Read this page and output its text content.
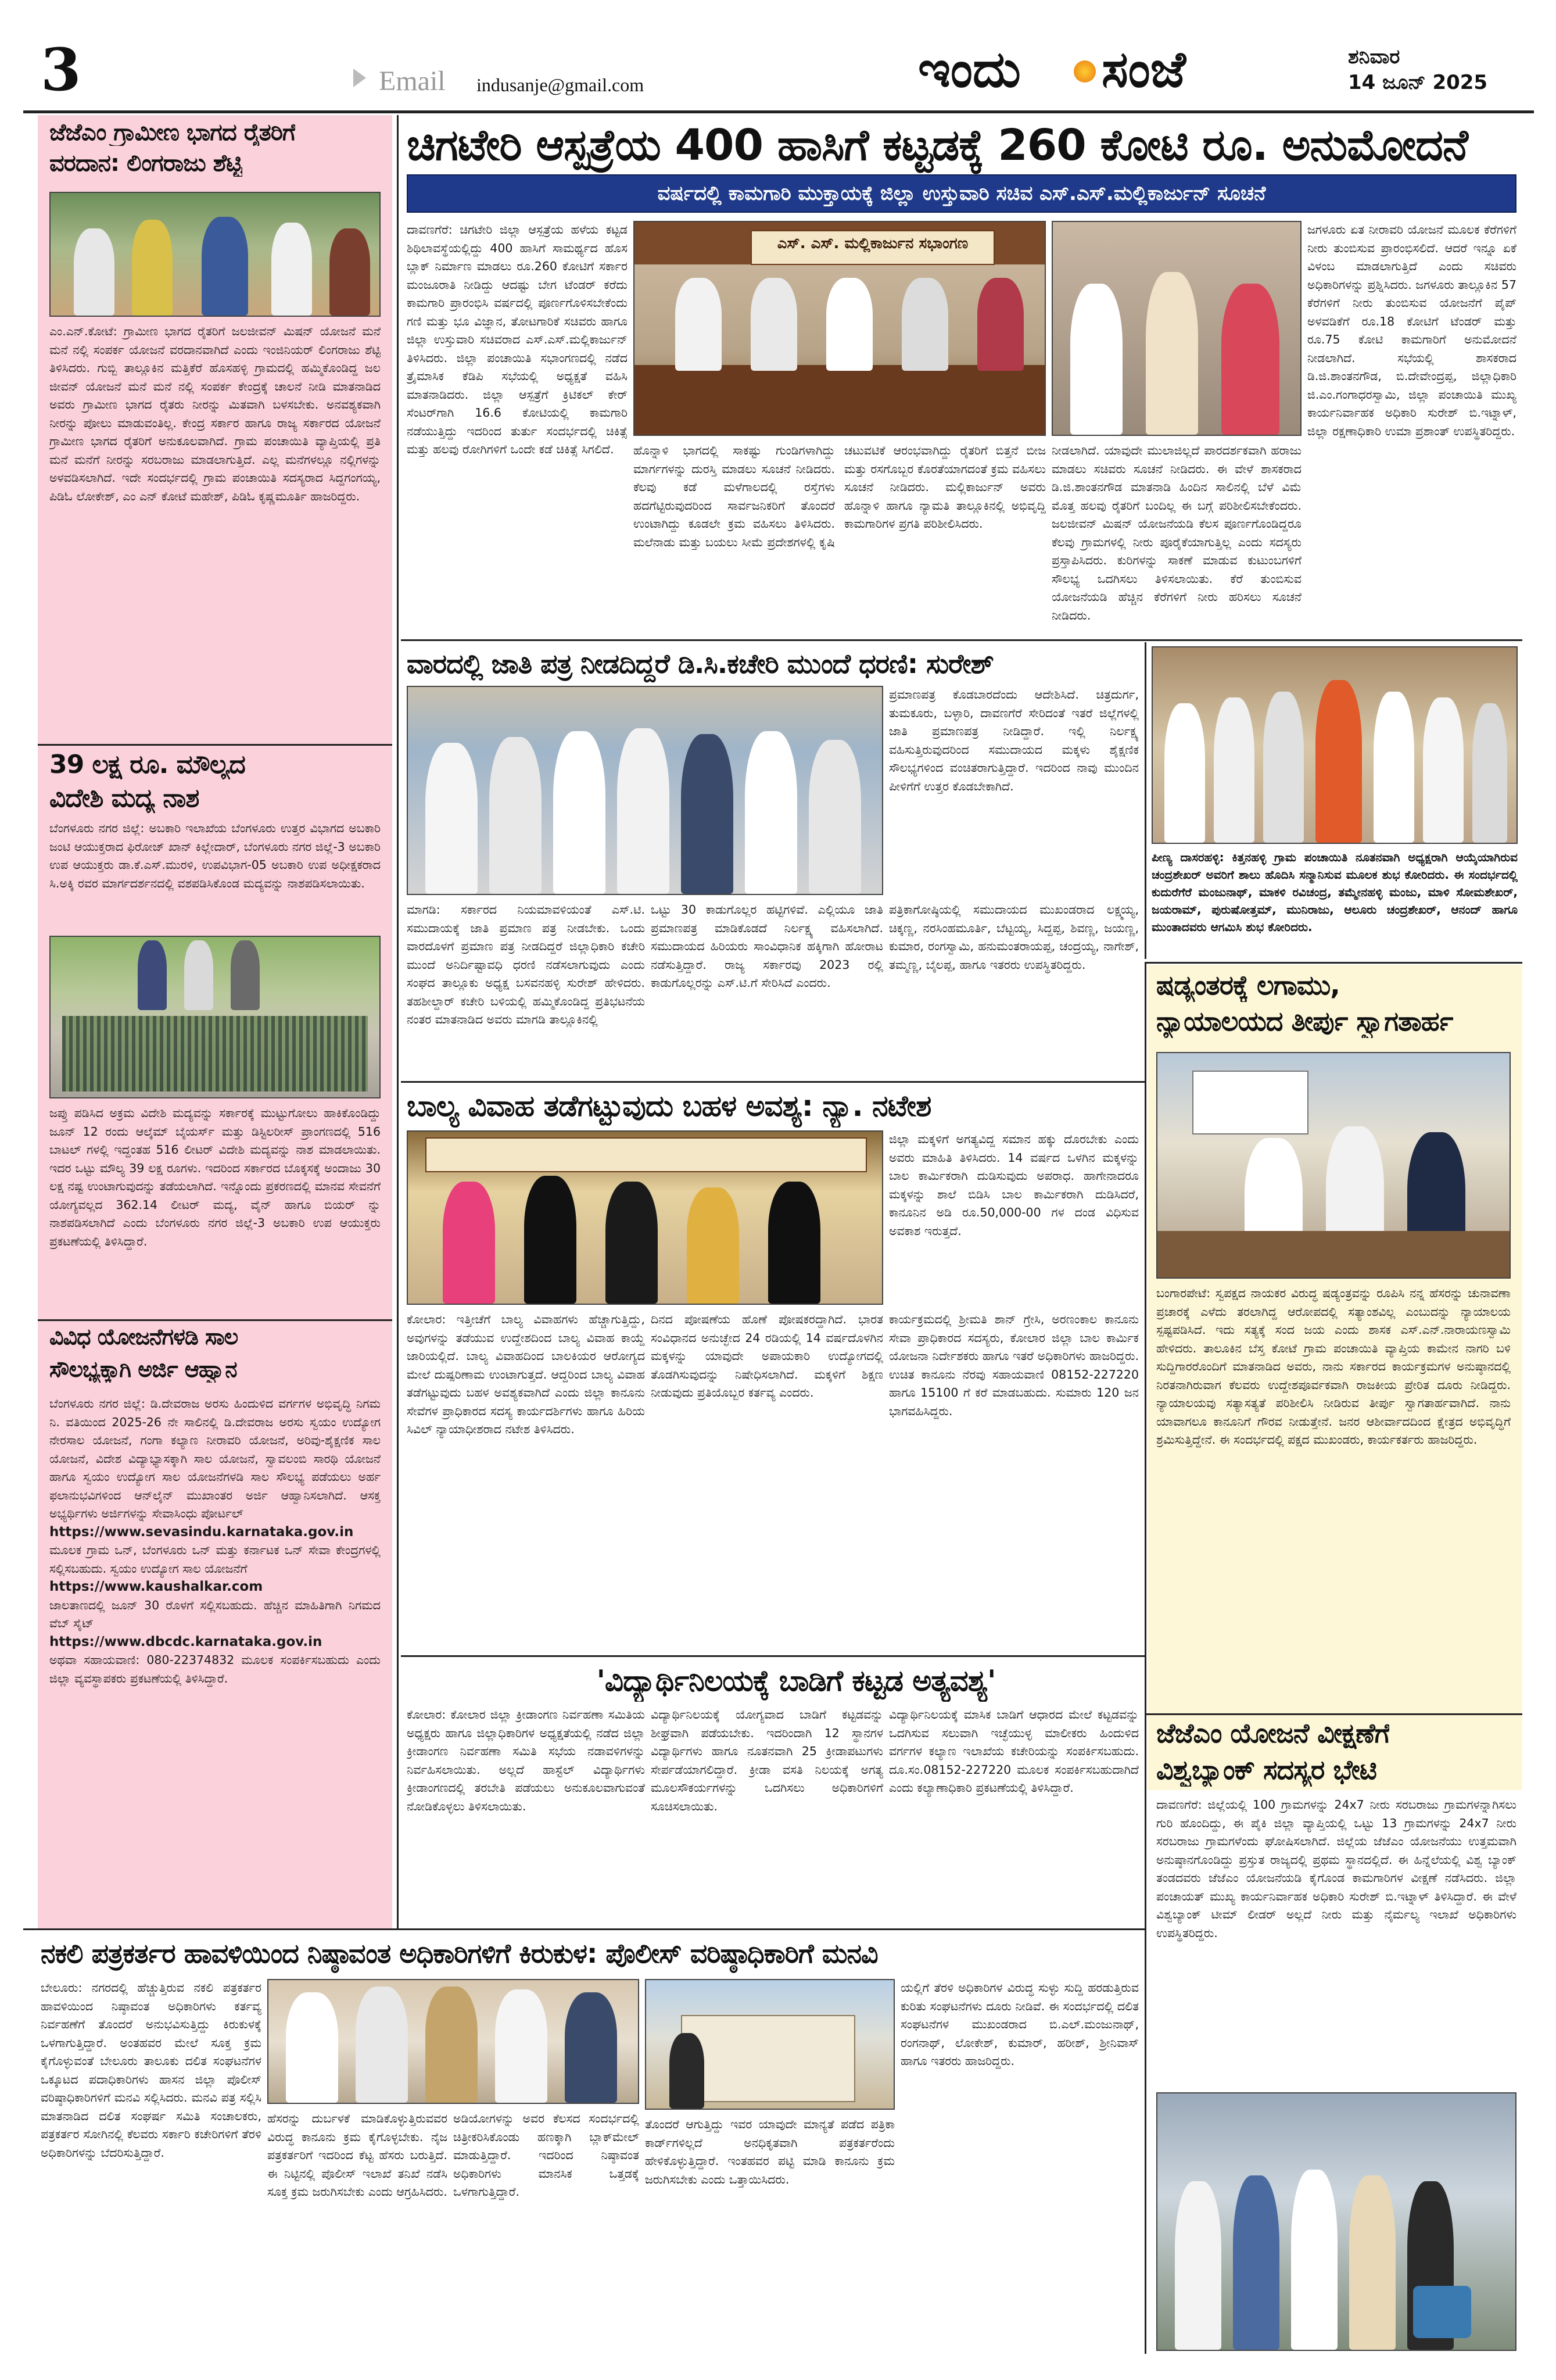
3	Email indusanje@gmail.com	ಇಂದು ಸಂಜೆ	ಶನಿವಾರ
14 ಜೂನ್ 2025
ಜೆಜೆಎಂ ಗ್ರಾಮೀಣ ಭಾಗದ ರೈತರಿಗೆ
ವರದಾನ: ಲಿಂಗರಾಜು ಶೆಟ್ಟಿ
ಎಂ.ಎನ್.ಕೋಟೆ: ಗ್ರಾಮೀಣ ಭಾಗದ ರೈತರಿಗೆ ಜಲಜೀವನ್ ಮಿಷನ್ ಯೋಜನೆ ಮನೆ ಮನೆ ನಲ್ಲಿ ಸಂಪರ್ಕ ಯೋಜನೆ ವರದಾನವಾಗಿದೆ ಎಂದು ಇಂಜಿನಿಯರ್ ಲಿಂಗರಾಜು ಶೆಟ್ಟಿ ತಿಳಿಸಿದರು. ಗುಬ್ಬಿ ತಾಲ್ಲೂಕಿನ ಮತ್ತಿಕೆರೆ ಹೊಸಹಳ್ಳಿ ಗ್ರಾಮದಲ್ಲಿ ಹಮ್ಮಿಕೊಂಡಿದ್ದ ಜಲ ಜೀವನ್ ಯೋಜನೆ ಮನೆ ಮನೆ ನಲ್ಲಿ ಸಂಪರ್ಕ ಕೇಂದ್ರಕ್ಕೆ ಚಾಲನೆ ನೀಡಿ ಮಾತನಾಡಿದ ಅವರು ಗ್ರಾಮೀಣ ಭಾಗದ ರೈತರು ನೀರನ್ನು ಮಿತವಾಗಿ ಬಳಸಬೇಕು. ಅನವಶ್ಯಕವಾಗಿ ನೀರನ್ನು ಪೋಲು ಮಾಡುವಂತಿಲ್ಲ. ಕೇಂದ್ರ ಸರ್ಕಾರ ಹಾಗೂ ರಾಜ್ಯ ಸರ್ಕಾರದ ಯೋಜನೆ ಗ್ರಾಮೀಣ ಭಾಗದ ರೈತರಿಗೆ ಅನುಕೂಲವಾಗಿದೆ. ಗ್ರಾಮ ಪಂಚಾಯಿತಿ ವ್ಯಾಪ್ತಿಯಲ್ಲಿ ಪ್ರತಿ ಮನೆ ಮನೆಗೆ ನೀರನ್ನು ಸರಬರಾಜು ಮಾಡಲಾಗುತ್ತಿದೆ. ಎಲ್ಲ ಮನೆಗಳಲ್ಲೂ ನಲ್ಲಿಗಳನ್ನು ಅಳವಡಿಸಲಾಗಿದೆ. ಇದೇ ಸಂದರ್ಭದಲ್ಲಿ ಗ್ರಾಮ ಪಂಚಾಯಿತಿ ಸದಸ್ಯರಾದ ಸಿದ್ದಗಂಗಯ್ಯ, ಪಿಡಿಓ ಲೋಕೇಶ್, ಎಂ ಎನ್ ಕೋಟೆ ಮಹೇಶ್, ಪಿಡಿಓ ಕೃಷ್ಣಮೂರ್ತಿ ಹಾಜರಿದ್ದರು.
39 ಲಕ್ಷ ರೂ. ಮೌಲ್ಯದ
ವಿದೇಶಿ ಮದ್ಯ ನಾಶ
ಬೆಂಗಳೂರು ನಗರ ಜಿಲ್ಲೆ: ಅಬಕಾರಿ ಇಲಾಖೆಯ ಬೆಂಗಳೂರು ಉತ್ತರ ವಿಭಾಗದ ಅಬಕಾರಿ ಜಂಟಿ ಆಯುಕ್ತರಾದ ಫಿರೋಜ್ ಖಾನ್ ಕಿಲ್ಲೇದಾರ್, ಬೆಂಗಳೂರು ನಗರ ಜಿಲ್ಲೆ-3 ಅಬಕಾರಿ ಉಪ ಆಯುಕ್ತರು ಡಾ.ಕೆ.ಎಸ್.ಮುರಳಿ, ಉಪವಿಭಾಗ-05 ಅಬಕಾರಿ ಉಪ ಅಧೀಕ್ಷಕರಾದ ಸಿ.ಅಕ್ಕಿ ರವರ ಮಾರ್ಗದರ್ಶನದಲ್ಲಿ ವಶಪಡಿಸಿಕೊಂಡ ಮದ್ಯವನ್ನು ನಾಶಪಡಿಸಲಾಯಿತು.
ಜಪ್ತು ಪಡಿಸಿದ ಅಕ್ರಮ ವಿದೇಶಿ ಮದ್ಯವನ್ನು ಸರ್ಕಾರಕ್ಕೆ ಮುಟ್ಟುಗೋಲು ಹಾಕಿಕೊಂಡಿದ್ದು ಜೂನ್ 12 ರಂದು ಆಲ್ಕೆಮ್ ಬೈಯರ್ಸ್ ಮತ್ತು ಡಿಸ್ಟಿಲರೀಸ್ ಪ್ರಾಂಗಣದಲ್ಲಿ 516 ಬಾಟಲ್ ಗಳಲ್ಲಿ ಇದ್ದಂತಹ 516 ಲೀಟರ್ ವಿದೇಶಿ ಮದ್ಯವನ್ನು ನಾಶ ಮಾಡಲಾಯಿತು. ಇದರ ಒಟ್ಟು ಮೌಲ್ಯ 39 ಲಕ್ಷ ರೂಗಳು. ಇದರಿಂದ ಸರ್ಕಾರದ ಬೊಕ್ಕಸಕ್ಕೆ ಅಂದಾಜು 30 ಲಕ್ಷ ನಷ್ಟ ಉಂಟಾಗುವುದನ್ನು ತಡೆಯಲಾಗಿದೆ. ಇನ್ನೊಂದು ಪ್ರಕರಣದಲ್ಲಿ ಮಾನವ ಸೇವನೆಗೆ ಯೋಗ್ಯವಲ್ಲದ 362.14 ಲೀಟರ್ ಮದ್ಯ, ವೈನ್ ಹಾಗೂ ಬಿಯರ್ ನ್ನು ನಾಶಪಡಿಸಲಾಗಿದೆ ಎಂದು ಬೆಂಗಳೂರು ನಗರ ಜಿಲ್ಲೆ-3 ಅಬಕಾರಿ ಉಪ ಆಯುಕ್ತರು ಪ್ರಕಟಣೆಯಲ್ಲಿ ತಿಳಿಸಿದ್ದಾರೆ.
ವಿವಿಧ ಯೋಜನೆಗಳಡಿ ಸಾಲ
ಸೌಲಭ್ಯಕ್ಕಾಗಿ ಅರ್ಜಿ ಆಹ್ವಾನ
ಬೆಂಗಳೂರು ನಗರ ಜಿಲ್ಲೆ: ಡಿ.ದೇವರಾಜ ಅರಸು ಹಿಂದುಳಿದ ವರ್ಗಗಳ ಅಭಿವೃದ್ಧಿ ನಿಗಮ ನಿ. ವತಿಯಿಂದ 2025-26 ನೇ ಸಾಲಿನಲ್ಲಿ ಡಿ.ದೇವರಾಜ ಅರಸು ಸ್ವಯಂ ಉದ್ಯೋಗ ನೇರಸಾಲ ಯೋಜನೆ, ಗಂಗಾ ಕಲ್ಯಾಣ ನೀರಾವರಿ ಯೋಜನೆ, ಅರಿವು-ಶೈಕ್ಷಣಿಕ ಸಾಲ ಯೋಜನೆ, ವಿದೇಶ ವಿದ್ಯಾಭ್ಯಾಸಕ್ಕಾಗಿ ಸಾಲ ಯೋಜನೆ, ಸ್ವಾವಲಂಬಿ ಸಾರಥಿ ಯೋಜನೆ ಹಾಗೂ ಸ್ವಯಂ ಉದ್ಯೋಗ ಸಾಲ ಯೋಜನೆಗಳಡಿ ಸಾಲ ಸೌಲಭ್ಯ ಪಡೆಯಲು ಅರ್ಹ ಫಲಾನುಭವಿಗಳಿಂದ ಆನ್‌ಲೈನ್ ಮುಖಾಂತರ ಅರ್ಜಿ ಆಹ್ವಾನಿಸಲಾಗಿದೆ. ಆಸಕ್ತ ಅಭ್ಯರ್ಥಿಗಳು ಅರ್ಜಿಗಳನ್ನು ಸೇವಾಸಿಂಧು ಪೋರ್ಟಲ್
https://www.sevasindu.karnataka.gov.in
ಮೂಲಕ ಗ್ರಾಮ ಒನ್, ಬೆಂಗಳೂರು ಒನ್ ಮತ್ತು ಕರ್ನಾಟಕ ಒನ್ ಸೇವಾ ಕೇಂದ್ರಗಳಲ್ಲಿ ಸಲ್ಲಿಸಬಹುದು. ಸ್ವಯಂ ಉದ್ಯೋಗ ಸಾಲ ಯೋಜನೆಗೆ
https://www.kaushalkar.com
ಜಾಲತಾಣದಲ್ಲಿ ಜೂನ್ 30 ರೊಳಗೆ ಸಲ್ಲಿಸಬಹುದು. ಹೆಚ್ಚಿನ ಮಾಹಿತಿಗಾಗಿ ನಿಗಮದ ವೆಬ್ ಸೈಟ್
https://www.dbcdc.karnataka.gov.in
ಅಥವಾ ಸಹಾಯವಾಣಿ: 080-22374832 ಮೂಲಕ ಸಂಪರ್ಕಿಸಬಹುದು ಎಂದು ಜಿಲ್ಲಾ ವ್ಯವಸ್ಥಾಪಕರು ಪ್ರಕಟಣೆಯಲ್ಲಿ ತಿಳಿಸಿದ್ದಾರೆ.
ಚಿಗಟೇರಿ ಆಸ್ಪತ್ರೆಯ 400 ಹಾಸಿಗೆ ಕಟ್ಟಡಕ್ಕೆ 260 ಕೋಟಿ ರೂ. ಅನುಮೋದನೆ
ವರ್ಷದಲ್ಲಿ ಕಾಮಗಾರಿ ಮುಕ್ತಾಯಕ್ಕೆ ಜಿಲ್ಲಾ ಉಸ್ತುವಾರಿ ಸಚಿವ ಎಸ್.ಎಸ್.ಮಲ್ಲಿಕಾರ್ಜುನ್ ಸೂಚನೆ
ದಾವಣಗೆರೆ: ಚಿಗಟೇರಿ ಜಿಲ್ಲಾ ಆಸ್ಪತ್ರೆಯ ಹಳೆಯ ಕಟ್ಟಡ ಶಿಥಿಲಾವಸ್ಥೆಯಲ್ಲಿದ್ದು 400 ಹಾಸಿಗೆ ಸಾಮರ್ಥ್ಯದ ಹೊಸ ಬ್ಲಾಕ್ ನಿರ್ಮಾಣ ಮಾಡಲು ರೂ.260 ಕೋಟಿಗೆ ಸರ್ಕಾರ ಮಂಜೂರಾತಿ ನೀಡಿದ್ದು ಆದಷ್ಟು ಬೇಗ ಟೆಂಡರ್ ಕರೆದು ಕಾಮಗಾರಿ ಪ್ರಾರಂಭಿಸಿ ವರ್ಷದಲ್ಲಿ ಪೂರ್ಣಗೊಳಿಸಬೇಕೆಂದು ಗಣಿ ಮತ್ತು ಭೂ ವಿಜ್ಞಾನ, ತೋಟಗಾರಿಕೆ ಸಚಿವರು ಹಾಗೂ ಜಿಲ್ಲಾ ಉಸ್ತುವಾರಿ ಸಚಿವರಾದ ಎಸ್.ಎಸ್.ಮಲ್ಲಿಕಾರ್ಜುನ್ ತಿಳಿಸಿದರು. ಜಿಲ್ಲಾ ಪಂಚಾಯಿತಿ ಸಭಾಂಗಣದಲ್ಲಿ ನಡೆದ ತ್ರೈಮಾಸಿಕ ಕೆಡಿಪಿ ಸಭೆಯಲ್ಲಿ ಅಧ್ಯಕ್ಷತೆ ವಹಿಸಿ ಮಾತನಾಡಿದರು. ಜಿಲ್ಲಾ ಆಸ್ಪತ್ರೆಗೆ ಕ್ರಿಟಿಕಲ್ ಕೇರ್ ಸೆಂಟರ್‌ಗಾಗಿ 16.6 ಕೋಟಿಯಲ್ಲಿ ಕಾಮಗಾರಿ ನಡೆಯುತ್ತಿದ್ದು ಇದರಿಂದ ತುರ್ತು ಸಂದರ್ಭದಲ್ಲಿ ಚಿಕಿತ್ಸೆ ಮತ್ತು ಹಲವು ರೋಗಿಗಳಿಗೆ ಒಂದೇ ಕಡೆ ಚಿಕಿತ್ಸೆ ಸಿಗಲಿದೆ.
ಎಸ್. ಎಸ್. ಮಲ್ಲಿಕಾರ್ಜುನ ಸಭಾಂಗಣ
ಹೊನ್ನಾಳಿ ಭಾಗದಲ್ಲಿ ಸಾಕಷ್ಟು ಗುಂಡಿಗಳಾಗಿದ್ದು ಮಾರ್ಗಗಳನ್ನು ದುರಸ್ತಿ ಮಾಡಲು ಸೂಚನೆ ನೀಡಿದರು. ಕೆಲವು ಕಡೆ ಮಳೆಗಾಲದಲ್ಲಿ ರಸ್ತೆಗಳು ಹದಗೆಟ್ಟಿರುವುದರಿಂದ ಸಾರ್ವಜನಿಕರಿಗೆ ತೊಂದರೆ ಉಂಟಾಗಿದ್ದು ಕೂಡಲೇ ಕ್ರಮ ವಹಿಸಲು ತಿಳಿಸಿದರು. ಮಲೆನಾಡು ಮತ್ತು ಬಯಲು ಸೀಮೆ ಪ್ರದೇಶಗಳಲ್ಲಿ ಕೃಷಿ ಚಟುವಟಿಕೆ ಆರಂಭವಾಗಿದ್ದು ರೈತರಿಗೆ ಬಿತ್ತನೆ ಬೀಜ ಮತ್ತು ರಸಗೊಬ್ಬರ ಕೊರತೆಯಾಗದಂತೆ ಕ್ರಮ ವಹಿಸಲು ಸೂಚನೆ ನೀಡಿದರು. ಮಲ್ಲಿಕಾರ್ಜುನ್ ಅವರು ಹೊನ್ನಾಳಿ ಹಾಗೂ ನ್ಯಾಮತಿ ತಾಲ್ಲೂಕಿನಲ್ಲಿ ಅಭಿವೃದ್ದಿ ಕಾಮಗಾರಿಗಳ ಪ್ರಗತಿ ಪರಿಶೀಲಿಸಿದರು.
ನೀಡಲಾಗಿದೆ. ಯಾವುದೇ ಮುಲಾಜಿಲ್ಲದೆ ಪಾರದರ್ಶಕವಾಗಿ ಹರಾಜು ಮಾಡಲು ಸಚಿವರು ಸೂಚನೆ ನೀಡಿದರು. ಈ ವೇಳೆ ಶಾಸಕರಾದ ಡಿ.ಜಿ.ಶಾಂತನಗೌಡ ಮಾತನಾಡಿ ಹಿಂದಿನ ಸಾಲಿನಲ್ಲಿ ಬೆಳೆ ವಿಮೆ ಮೊತ್ತ ಹಲವು ರೈತರಿಗೆ ಬಂದಿಲ್ಲ ಈ ಬಗ್ಗೆ ಪರಿಶೀಲಿಸಬೇಕೆಂದರು. ಜಲಜೀವನ್ ಮಿಷನ್ ಯೋಜನೆಯಡಿ ಕೆಲಸ ಪೂರ್ಣಗೊಂಡಿದ್ದರೂ ಕೆಲವು ಗ್ರಾಮಗಳಲ್ಲಿ ನೀರು ಪೂರೈಕೆಯಾಗುತ್ತಿಲ್ಲ ಎಂದು ಸದಸ್ಯರು ಪ್ರಸ್ತಾಪಿಸಿದರು. ಕುರಿಗಳನ್ನು ಸಾಕಣೆ ಮಾಡುವ ಕುಟುಂಬಗಳಿಗೆ ಸೌಲಭ್ಯ ಒದಗಿಸಲು ತಿಳಿಸಲಾಯಿತು. ಕೆರೆ ತುಂಬಿಸುವ ಯೋಜನೆಯಡಿ ಹೆಚ್ಚಿನ ಕೆರೆಗಳಿಗೆ ನೀರು ಹರಿಸಲು ಸೂಚನೆ ನೀಡಿದರು.
ಜಗಳೂರು ಏತ ನೀರಾವರಿ ಯೋಜನೆ ಮೂಲಕ ಕೆರೆಗಳಿಗೆ ನೀರು ತುಂಬಿಸುವ ಪ್ರಾರಂಭಿಸಲಿದೆ. ಆದರೆ ಇನ್ನೂ ಏಕೆ ವಿಳಂಬ ಮಾಡಲಾಗುತ್ತಿದೆ ಎಂದು ಸಚಿವರು ಅಧಿಕಾರಿಗಳನ್ನು ಪ್ರಶ್ನಿಸಿದರು. ಜಗಳೂರು ತಾಲ್ಲೂಕಿನ 57 ಕೆರೆಗಳಿಗೆ ನೀರು ತುಂಬಿಸುವ ಯೋಜನೆಗೆ ಪೈಪ್ ಅಳವಡಿಕೆಗೆ ರೂ.18 ಕೋಟಿಗೆ ಟೆಂಡರ್ ಮತ್ತು ರೂ.75 ಕೋಟಿ ಕಾಮಗಾರಿಗೆ ಅನುಮೋದನೆ ನೀಡಲಾಗಿದೆ. ಸಭೆಯಲ್ಲಿ ಶಾಸಕರಾದ ಡಿ.ಜಿ.ಶಾಂತನಗೌಡ, ಬಿ.ದೇವೇಂದ್ರಪ್ಪ, ಜಿಲ್ಲಾಧಿಕಾರಿ ಜಿ.ಎಂ.ಗಂಗಾಧರಸ್ವಾಮಿ, ಜಿಲ್ಲಾ ಪಂಚಾಯಿತಿ ಮುಖ್ಯ ಕಾರ್ಯನಿರ್ವಾಹಕ ಅಧಿಕಾರಿ ಸುರೇಶ್ ಬಿ.ಇಟ್ನಾಳ್, ಜಿಲ್ಲಾ ರಕ್ಷಣಾಧಿಕಾರಿ ಉಮಾ ಪ್ರಶಾಂತ್ ಉಪಸ್ಥಿತರಿದ್ದರು.
ವಾರದಲ್ಲಿ ಜಾತಿ ಪತ್ರ ನೀಡದಿದ್ದರೆ ಡಿ.ಸಿ.ಕಚೇರಿ ಮುಂದೆ ಧರಣಿ: ಸುರೇಶ್
ಪ್ರಮಾಣಪತ್ರ ಕೊಡಬಾರದೆಂದು ಆದೇಶಿಸಿದೆ. ಚಿತ್ರದುರ್ಗ, ತುಮಕೂರು, ಬಳ್ಳಾರಿ, ದಾವಣಗೆರೆ ಸೇರಿದಂತೆ ಇತರೆ ಜಿಲ್ಲೆಗಳಲ್ಲಿ ಜಾತಿ ಪ್ರಮಾಣಪತ್ರ ನೀಡಿದ್ದಾರೆ. ಇಲ್ಲಿ ನಿರ್ಲಕ್ಷ್ಯ ವಹಿಸುತ್ತಿರುವುದರಿಂದ ಸಮುದಾಯದ ಮಕ್ಕಳು ಶೈಕ್ಷಣಿಕ ಸೌಲಭ್ಯಗಳಿಂದ ವಂಚಿತರಾಗುತ್ತಿದ್ದಾರೆ. ಇದರಿಂದ ನಾವು ಮುಂದಿನ ಪೀಳಿಗೆಗೆ ಉತ್ತರ ಕೊಡಬೇಕಾಗಿದೆ.
ಮಾಗಡಿ: ಸರ್ಕಾರದ ನಿಯಮಾವಳಿಯಂತೆ ಎಸ್.ಟಿ. ಸಮುದಾಯಕ್ಕೆ ಜಾತಿ ಪ್ರಮಾಣ ಪತ್ರ ನೀಡಬೇಕು. ಒಂದು ವಾರದೊಳಗೆ ಪ್ರಮಾಣ ಪತ್ರ ನೀಡದಿದ್ದರೆ ಜಿಲ್ಲಾಧಿಕಾರಿ ಕಚೇರಿ ಮುಂದೆ ಅನಿರ್ದಿಷ್ಟಾವಧಿ ಧರಣಿ ನಡೆಸಲಾಗುವುದು ಎಂದು ಸಂಘದ ತಾಲ್ಲೂಕು ಅಧ್ಯಕ್ಷ ಬಸವನಹಳ್ಳಿ ಸುರೇಶ್ ಹೇಳಿದರು. ತಹಶೀಲ್ದಾರ್ ಕಚೇರಿ ಬಳಿಯಲ್ಲಿ ಹಮ್ಮಿಕೊಂಡಿದ್ದ ಪ್ರತಿಭಟನೆಯ ನಂತರ ಮಾತನಾಡಿದ ಅವರು ಮಾಗಡಿ ತಾಲ್ಲೂಕಿನಲ್ಲಿ
ಒಟ್ಟು 30 ಕಾಡುಗೊಲ್ಲರ ಹಟ್ಟಿಗಳಿವೆ. ಎಲ್ಲಿಯೂ ಜಾತಿ ಪ್ರಮಾಣಪತ್ರ ಮಾಡಿಕೊಡದೆ ನಿರ್ಲಕ್ಷ್ಯ ವಹಿಸಲಾಗಿದೆ. ಸಮುದಾಯದ ಹಿರಿಯರು ಸಾಂವಿಧಾನಿಕ ಹಕ್ಕಿಗಾಗಿ ಹೋರಾಟ ನಡೆಸುತ್ತಿದ್ದಾರೆ. ರಾಜ್ಯ ಸರ್ಕಾರವು 2023 ರಲ್ಲಿ ಕಾಡುಗೊಲ್ಲರನ್ನು ಎಸ್.ಟಿ.ಗೆ ಸೇರಿಸಿದೆ ಎಂದರು.
ಪತ್ರಿಕಾಗೋಷ್ಠಿಯಲ್ಲಿ ಸಮುದಾಯದ ಮುಖಂಡರಾದ ಲಕ್ಷ್ಮಯ್ಯ, ಚಿಕ್ಕಣ್ಣ, ನರಸಿಂಹಮೂರ್ತಿ, ಬೆಟ್ಟಯ್ಯ, ಸಿದ್ದಪ್ಪ, ಶಿವಣ್ಣ, ಜಯಣ್ಣ, ಕುಮಾರ, ರಂಗಸ್ವಾಮಿ, ಹನುಮಂತರಾಯಪ್ಪ, ಚಂದ್ರಯ್ಯ, ನಾಗೇಶ್, ತಮ್ಮಣ್ಣ, ಬೈಲಪ್ಪ, ಹಾಗೂ ಇತರರು ಉಪಸ್ಥಿತರಿದ್ದರು.
ಪೀಣ್ಯ ದಾಸರಹಳ್ಳಿ: ಕಿತ್ತನಹಳ್ಳಿ ಗ್ರಾಮ ಪಂಚಾಯಿತಿ ನೂತನವಾಗಿ ಅಧ್ಯಕ್ಷರಾಗಿ ಆಯ್ಕೆಯಾಗಿರುವ ಚಂದ್ರಶೇಖರ್ ಅವರಿಗೆ ಶಾಲು ಹೊದಿಸಿ ಸನ್ಮಾನಿಸುವ ಮೂಲಕ ಶುಭ ಕೋರಿದರು. ಈ ಸಂದರ್ಭದಲ್ಲಿ ಕುದುರೆಗೆರೆ ಮಂಜುನಾಥ್, ಮಾಕಳಿ ರವಿಚಂದ್ರ, ತಮ್ಮೇನಹಳ್ಳಿ ಮಂಜು, ಮಾಳಿ ಸೋಮಶೇಖರ್, ಜಯರಾಮ್, ಪುರುಷೋತ್ತಮ್, ಮುನಿರಾಜು, ಆಲೂರು ಚಂದ್ರಶೇಖರ್, ಆನಂದ್ ಹಾಗೂ ಮುಂತಾದವರು ಆಗಮಿಸಿ ಶುಭ ಕೋರಿದರು.
ಷಡ್ಯಂತರಕ್ಕೆ ಲಗಾಮು,
ನ್ಯಾಯಾಲಯದ ತೀರ್ಪು ಸ್ವಾಗತಾರ್ಹ
ಬಂಗಾರಪೇಟೆ: ಸ್ವಪಕ್ಷದ ನಾಯಕರ ವಿರುದ್ಧ ಷಡ್ಯಂತ್ರವನ್ನು ರೂಪಿಸಿ ನನ್ನ ಹೆಸರನ್ನು ಚುನಾವಣಾ ಪ್ರಚಾರಕ್ಕೆ ಎಳೆದು ತರಲಾಗಿದ್ದ ಆರೋಪದಲ್ಲಿ ಸತ್ಯಾಂಶವಿಲ್ಲ ಎಂಬುದನ್ನು ನ್ಯಾಯಾಲಯ ಸ್ಪಷ್ಟಪಡಿಸಿದೆ. ಇದು ಸತ್ಯಕ್ಕೆ ಸಂದ ಜಯ ಎಂದು ಶಾಸಕ ಎಸ್.ಎನ್.ನಾರಾಯಣಸ್ವಾಮಿ ಹೇಳಿದರು. ತಾಲೂಕಿನ ಬೆಸ್ತ ಕೋಟೆ ಗ್ರಾಮ ಪಂಚಾಯಿತಿ ವ್ಯಾಪ್ತಿಯ ಕಾಮೇನ ನಾಗರಿ ಬಳಿ ಸುದ್ದಿಗಾರರೊಂದಿಗೆ ಮಾತನಾಡಿದ ಅವರು, ನಾನು ಸರ್ಕಾರದ ಕಾರ್ಯಕ್ರಮಗಳ ಅನುಷ್ಠಾನದಲ್ಲಿ ನಿರತನಾಗಿರುವಾಗ ಕೆಲವರು ಉದ್ದೇಶಪೂರ್ವಕವಾಗಿ ರಾಜಕೀಯ ಪ್ರೇರಿತ ದೂರು ನೀಡಿದ್ದರು. ನ್ಯಾಯಾಲಯವು ಸತ್ಯಾಸತ್ಯತೆ ಪರಿಶೀಲಿಸಿ ನೀಡಿರುವ ತೀರ್ಪು ಸ್ವಾಗತಾರ್ಹವಾಗಿದೆ. ನಾನು ಯಾವಾಗಲೂ ಕಾನೂನಿಗೆ ಗೌರವ ನೀಡುತ್ತೇನೆ. ಜನರ ಆಶೀರ್ವಾದದಿಂದ ಕ್ಷೇತ್ರದ ಅಭಿವೃದ್ಧಿಗೆ ಶ್ರಮಿಸುತ್ತಿದ್ದೇನೆ. ಈ ಸಂದರ್ಭದಲ್ಲಿ ಪಕ್ಷದ ಮುಖಂಡರು, ಕಾರ್ಯಕರ್ತರು ಹಾಜರಿದ್ದರು.
ಜೆಜೆಎಂ ಯೋಜನೆ ವೀಕ್ಷಣೆಗೆ
ವಿಶ್ವಬ್ಯಾಂಕ್ ಸದಸ್ಯರ ಭೇಟಿ
ದಾವಣಗೆರೆ: ಜಿಲ್ಲೆಯಲ್ಲಿ 100 ಗ್ರಾಮಗಳನ್ನು 24x7 ನೀರು ಸರಬರಾಜು ಗ್ರಾಮಗಳನ್ನಾಗಿಸಲು ಗುರಿ ಹೊಂದಿದ್ದು, ಈ ಪೈಕಿ ಜಿಲ್ಲಾ ವ್ಯಾಪ್ತಿಯಲ್ಲಿ ಒಟ್ಟು 13 ಗ್ರಾಮಗಳನ್ನು 24x7 ನೀರು ಸರಬರಾಜು ಗ್ರಾಮಗಳೆಂದು ಘೋಷಿಸಲಾಗಿದೆ. ಜಿಲ್ಲೆಯ ಜೆಜೆಎಂ ಯೋಜನೆಯು ಉತ್ತಮವಾಗಿ ಅನುಷ್ಠಾನಗೊಂಡಿದ್ದು ಪ್ರಸ್ತುತ ರಾಜ್ಯದಲ್ಲಿ ಪ್ರಥಮ ಸ್ಥಾನದಲ್ಲಿದೆ. ಈ ಹಿನ್ನೆಲೆಯಲ್ಲಿ ವಿಶ್ವ ಬ್ಯಾಂಕ್ ತಂಡದವರು ಜೆಜೆಎಂ ಯೋಜನೆಯಡಿ ಕೈಗೊಂಡ ಕಾಮಗಾರಿಗಳ ವೀಕ್ಷಣೆ ನಡೆಸಿದರು. ಜಿಲ್ಲಾ ಪಂಚಾಯತ್ ಮುಖ್ಯ ಕಾರ್ಯನಿರ್ವಾಹಕ ಅಧಿಕಾರಿ ಸುರೇಶ್ ಬಿ.ಇಟ್ನಾಳ್ ತಿಳಿಸಿದ್ದಾರೆ. ಈ ವೇಳೆ ವಿಶ್ವಬ್ಯಾಂಕ್ ಟೀಮ್ ಲೀಡರ್ ಅಲ್ಲದೆ ನೀರು ಮತ್ತು ನೈರ್ಮಲ್ಯ ಇಲಾಖೆ ಅಧಿಕಾರಿಗಳು ಉಪಸ್ಥಿತರಿದ್ದರು.
ಬಾಲ್ಯ ವಿವಾಹ ತಡೆಗಟ್ಟುವುದು ಬಹಳ ಅವಶ್ಯ: ನ್ಯಾ. ನಟೇಶ
ಜಿಲ್ಲಾ ಮಕ್ಕಳಿಗೆ ಅಗತ್ಯವಿದ್ದ ಸಮಾನ ಹಕ್ಕು ದೊರಬೇಕು ಎಂದು ಅವರು ಮಾಹಿತಿ ತಿಳಿಸಿದರು. 14 ವರ್ಷದ ಒಳಗಿನ ಮಕ್ಕಳನ್ನು ಬಾಲ ಕಾರ್ಮಿಕರಾಗಿ ದುಡಿಸುವುದು ಅಪರಾಧ. ಹಾಗೇನಾದರೂ ಮಕ್ಕಳನ್ನು ಶಾಲೆ ಬಿಡಿಸಿ ಬಾಲ ಕಾರ್ಮಿಕರಾಗಿ ದುಡಿಸಿದರೆ, ಕಾನೂನಿನ ಅಡಿ ರೂ.50,000-00 ಗಳ ದಂಡ ವಿಧಿಸುವ ಅವಕಾಶ ಇರುತ್ತದೆ.
ಕೋಲಾರ: ಇತ್ತೀಚೆಗೆ ಬಾಲ್ಯ ವಿವಾಹಗಳು ಹೆಚ್ಚಾಗುತ್ತಿದ್ದು, ಅವುಗಳನ್ನು ತಡೆಯುವ ಉದ್ದೇಶದಿಂದ ಬಾಲ್ಯ ವಿವಾಹ ಕಾಯ್ದೆ ಜಾರಿಯಲ್ಲಿದೆ. ಬಾಲ್ಯ ವಿವಾಹದಿಂದ ಬಾಲಕಿಯರ ಆರೋಗ್ಯದ ಮೇಲೆ ದುಷ್ಪರಿಣಾಮ ಉಂಟಾಗುತ್ತದೆ. ಆದ್ದರಿಂದ ಬಾಲ್ಯ ವಿವಾಹ ತಡೆಗಟ್ಟುವುದು ಬಹಳ ಅವಶ್ಯಕವಾಗಿದೆ ಎಂದು ಜಿಲ್ಲಾ ಕಾನೂನು ಸೇವೆಗಳ ಪ್ರಾಧಿಕಾರದ ಸದಸ್ಯ ಕಾರ್ಯದರ್ಶಿಗಳು ಹಾಗೂ ಹಿರಿಯ ಸಿವಿಲ್ ನ್ಯಾಯಾಧೀಶರಾದ ನಟೇಶ ತಿಳಿಸಿದರು.
ದಿನದ ಪೋಷಣೆಯ ಹೊಣೆ ಪೋಷಕರದ್ದಾಗಿದೆ. ಭಾರತ ಸಂವಿಧಾನದ ಅನುಚ್ಛೇದ 24 ರಡಿಯಲ್ಲಿ 14 ವರ್ಷದೊಳಗಿನ ಮಕ್ಕಳನ್ನು ಯಾವುದೇ ಅಪಾಯಕಾರಿ ಉದ್ಯೋಗದಲ್ಲಿ ತೊಡಗಿಸುವುದನ್ನು ನಿಷೇಧಿಸಲಾಗಿದೆ. ಮಕ್ಕಳಿಗೆ ಶಿಕ್ಷಣ ನೀಡುವುದು ಪ್ರತಿಯೊಬ್ಬರ ಕರ್ತವ್ಯ ಎಂದರು.
ಕಾರ್ಯಕ್ರಮದಲ್ಲಿ ಶ್ರೀಮತಿ ಶಾನ್ ಗ್ರೇಸಿ, ಅರಣಂಕಾಲ ಕಾನೂನು ಸೇವಾ ಪ್ರಾಧಿಕಾರದ ಸದಸ್ಯರು, ಕೋಲಾರ ಜಿಲ್ಲಾ ಬಾಲ ಕಾರ್ಮಿಕ ಯೋಜನಾ ನಿರ್ದೇಶಕರು ಹಾಗೂ ಇತರೆ ಅಧಿಕಾರಿಗಳು ಹಾಜರಿದ್ದರು. ಉಚಿತ ಕಾನೂನು ನೆರವು ಸಹಾಯವಾಣಿ 08152-227220 ಹಾಗೂ 15100 ಗೆ ಕರೆ ಮಾಡಬಹುದು. ಸುಮಾರು 120 ಜನ ಭಾಗವಹಿಸಿದ್ದರು.
'ವಿದ್ಯಾರ್ಥಿನಿಲಯಕ್ಕೆ ಬಾಡಿಗೆ ಕಟ್ಟಡ ಅತ್ಯವಶ್ಯ'
ಕೋಲಾರ: ಕೋಲಾರ ಜಿಲ್ಲಾ ಕ್ರೀಡಾಂಗಣ ನಿರ್ವಹಣಾ ಸಮಿತಿಯ ಅಧ್ಯಕ್ಷರು ಹಾಗೂ ಜಿಲ್ಲಾಧಿಕಾರಿಗಳ ಅಧ್ಯಕ್ಷತೆಯಲ್ಲಿ ನಡೆದ ಜಿಲ್ಲಾ ಕ್ರೀಡಾಂಗಣ ನಿರ್ವಹಣಾ ಸಮಿತಿ ಸಭೆಯ ನಡಾವಳಿಗಳನ್ನು ನಿರ್ವಹಿಸಲಾಯಿತು. ಅಲ್ಲದೆ ಹಾಸ್ಟೆಲ್ ವಿದ್ಯಾರ್ಥಿಗಳು ಕ್ರೀಡಾಂಗಣದಲ್ಲಿ ತರಬೇತಿ ಪಡೆಯಲು ಅನುಕೂಲವಾಗುವಂತೆ ನೋಡಿಕೊಳ್ಳಲು ತಿಳಿಸಲಾಯಿತು.
ವಿದ್ಯಾರ್ಥಿನಿಲಯಕ್ಕೆ ಯೋಗ್ಯವಾದ ಬಾಡಿಗೆ ಕಟ್ಟಡವನ್ನು ಶೀಘ್ರವಾಗಿ ಪಡೆಯಬೇಕು. ಇದರಿಂದಾಗಿ 12 ಸ್ಥಾನಗಳ ವಿದ್ಯಾರ್ಥಿಗಳು ಹಾಗೂ ನೂತನವಾಗಿ 25 ಕ್ರೀಡಾಪಟುಗಳು ಸೇರ್ಪಡೆಯಾಗಲಿದ್ದಾರೆ. ಕ್ರೀಡಾ ವಸತಿ ನಿಲಯಕ್ಕೆ ಅಗತ್ಯ ಮೂಲಸೌಕರ್ಯಗಳನ್ನು ಒದಗಿಸಲು ಅಧಿಕಾರಿಗಳಿಗೆ ಸೂಚಿಸಲಾಯಿತು.
ವಿದ್ಯಾರ್ಥಿನಿಲಯಕ್ಕೆ ಮಾಸಿಕ ಬಾಡಿಗೆ ಆಧಾರದ ಮೇಲೆ ಕಟ್ಟಡವನ್ನು ಒದಗಿಸುವ ಸಲುವಾಗಿ ಇಚ್ಛೆಯುಳ್ಳ ಮಾಲೀಕರು ಹಿಂದುಳಿದ ವರ್ಗಗಳ ಕಲ್ಯಾಣ ಇಲಾಖೆಯ ಕಚೇರಿಯನ್ನು ಸಂಪರ್ಕಿಸಬಹುದು. ದೂ.ಸಂ.08152-227220 ಮೂಲಕ ಸಂಪರ್ಕಿಸಬಹುದಾಗಿದೆ ಎಂದು ಕಲ್ಯಾಣಾಧಿಕಾರಿ ಪ್ರಕಟಣೆಯಲ್ಲಿ ತಿಳಿಸಿದ್ದಾರೆ.
ನಕಲಿ ಪತ್ರಕರ್ತರ ಹಾವಳಿಯಿಂದ ನಿಷ್ಠಾವಂತ ಅಧಿಕಾರಿಗಳಿಗೆ ಕಿರುಕುಳ: ಪೊಲೀಸ್ ವರಿಷ್ಠಾಧಿಕಾರಿಗೆ ಮನವಿ
ಬೇಲೂರು: ನಗರದಲ್ಲಿ ಹೆಚ್ಚುತ್ತಿರುವ ನಕಲಿ ಪತ್ರಕರ್ತರ ಹಾವಳಿಯಿಂದ ನಿಷ್ಠಾವಂತ ಅಧಿಕಾರಿಗಳು ಕರ್ತವ್ಯ ನಿರ್ವಹಣೆಗೆ ತೊಂದರೆ ಅನುಭವಿಸುತ್ತಿದ್ದು ಕಿರುಕುಳಕ್ಕೆ ಒಳಗಾಗುತ್ತಿದ್ದಾರೆ. ಅಂತಹವರ ಮೇಲೆ ಸೂಕ್ತ ಕ್ರಮ ಕೈಗೊಳ್ಳುವಂತೆ ಬೇಲೂರು ತಾಲೂಕು ದಲಿತ ಸಂಘಟನೆಗಳ ಒಕ್ಕೂಟದ ಪದಾಧಿಕಾರಿಗಳು ಹಾಸನ ಜಿಲ್ಲಾ ಪೊಲೀಸ್ ವರಿಷ್ಠಾಧಿಕಾರಿಗಳಿಗೆ ಮನವಿ ಸಲ್ಲಿಸಿದರು. ಮನವಿ ಪತ್ರ ಸಲ್ಲಿಸಿ ಮಾತನಾಡಿದ ದಲಿತ ಸಂಘರ್ಷ ಸಮಿತಿ ಸಂಚಾಲಕರು, ಪತ್ರಕರ್ತರ ಸೋಗಿನಲ್ಲಿ ಕೆಲವರು ಸರ್ಕಾರಿ ಕಚೇರಿಗಳಿಗೆ ತೆರಳಿ ಅಧಿಕಾರಿಗಳನ್ನು ಬೆದರಿಸುತ್ತಿದ್ದಾರೆ.
ಹೆಸರನ್ನು ದುರ್ಬಳಕೆ ಮಾಡಿಕೊಳ್ಳುತ್ತಿರುವವರ ವಿರುದ್ಧ ಕಾನೂನು ಕ್ರಮ ಕೈಗೊಳ್ಳಬೇಕು. ನೈಜ ಪತ್ರಕರ್ತರಿಗೆ ಇದರಿಂದ ಕೆಟ್ಟ ಹೆಸರು ಬರುತ್ತಿದೆ. ಈ ನಿಟ್ಟಿನಲ್ಲಿ ಪೊಲೀಸ್ ಇಲಾಖೆ ತನಿಖೆ ನಡೆಸಿ ಸೂಕ್ತ ಕ್ರಮ ಜರುಗಿಸಬೇಕು ಎಂದು ಆಗ್ರಹಿಸಿದರು.
ಅಡಿಯೋಗಳನ್ನು ಅವರ ಕೆಲಸದ ಸಂದರ್ಭದಲ್ಲಿ ಚಿತ್ರೀಕರಿಸಿಕೊಂಡು ಹಣಕ್ಕಾಗಿ ಬ್ಲಾಕ್‌ಮೇಲ್ ಮಾಡುತ್ತಿದ್ದಾರೆ. ಇದರಿಂದ ನಿಷ್ಠಾವಂತ ಅಧಿಕಾರಿಗಳು ಮಾನಸಿಕ ಒತ್ತಡಕ್ಕೆ ಒಳಗಾಗುತ್ತಿದ್ದಾರೆ.
ತೊಂದರೆ ಆಗುತ್ತಿದ್ದು ಇವರ ಯಾವುದೇ ಮಾನ್ಯತೆ ಪಡೆದ ಪತ್ರಿಕಾ ಕಾರ್ಡ್‌ಗಳಿಲ್ಲದೆ ಅನಧಿಕೃತವಾಗಿ ಪತ್ರಕರ್ತರೆಂದು ಹೇಳಿಕೊಳ್ಳುತ್ತಿದ್ದಾರೆ. ಇಂತಹವರ ಪಟ್ಟಿ ಮಾಡಿ ಕಾನೂನು ಕ್ರಮ ಜರುಗಿಸಬೇಕು ಎಂದು ಒತ್ತಾಯಿಸಿದರು.
ಯಲ್ಲಿಗೆ ತೆರಳಿ ಅಧಿಕಾರಿಗಳ ವಿರುದ್ಧ ಸುಳ್ಳು ಸುದ್ದಿ ಹರಡುತ್ತಿರುವ ಕುರಿತು ಸಂಘಟನೆಗಳು ದೂರು ನೀಡಿವೆ. ಈ ಸಂದರ್ಭದಲ್ಲಿ ದಲಿತ ಸಂಘಟನೆಗಳ ಮುಖಂಡರಾದ ಬಿ.ಎಲ್.ಮಂಜುನಾಥ್, ರಂಗನಾಥ್, ಲೋಕೇಶ್, ಕುಮಾರ್, ಹರೀಶ್, ಶ್ರೀನಿವಾಸ್ ಹಾಗೂ ಇತರರು ಹಾಜರಿದ್ದರು.
